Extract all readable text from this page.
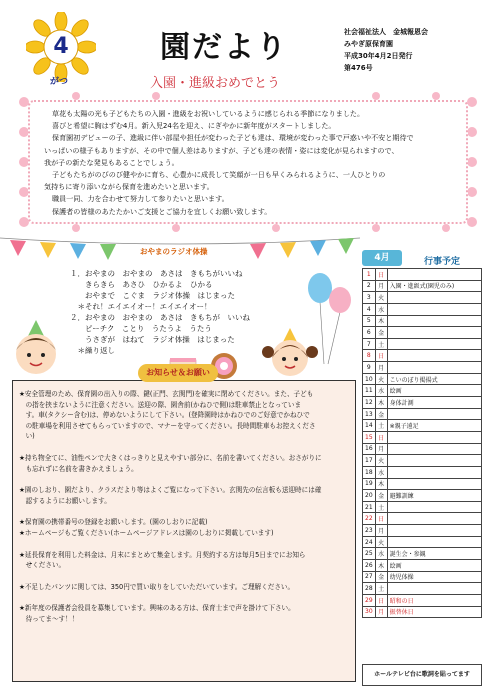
4
がつ
園だより
入園・進級おめでとう
社会福祉法人　金城報恩会
みやぎ原保育園
平成30年4月2日発行
第476号
草花も太陽の光も子どもたちの入園・進級をお祝いしているように感じられる季節になりました。
喜びと希望に胸はずむ4月。新入児24名を迎え、にぎやかに新年度がスタートしました。
保育園初デビューの子、進級に伴い部屋や担任が変わった子ども達は、環境が変わった事で戸惑いや不安と期待で
いっぱいの様子もありますが、その中で個人差はありますが、子ども達の表情・姿には変化が見られますので、
我が子の新たな発見もあることでしょう。
子どもたちがのびのび健やかに育ち、心豊かに成長して笑顔が一日も早くみられるように、一人ひとりの
気持ちに寄り添いながら保育を進めたいと思います。
職員一同、力を合わせて努力して参りたいと思います。
保護者の皆様のあたたかいご支援とご協力を宜しくお願い致します。
おやまのラジオ体操
１．おやまの　おやまの　あさは　きもちがいいね
　　きらきら　あさひ　ひかるよ　ひかる
　　おやまで　こぐま　ラジオ体操　はじまった
　＊それ！エイエイオー！エイエイオー！
２．おやまの　おやまの　あさは　きもちが　いいね
　　ピーチク　ことり　うたうよ　うたう
　　うさぎが　はねて　ラジオ体操　はじまった
　＊繰り返し
★安全管理のため、保育園の出入りの際、鍵(正門、玄関門)を確実に閉めてください。また、子ども
　の指を挟まないように注意ください。送迎の際、園舎前(かねひで側)は駐車禁止となっていま
　す。車(タクシー含む)は、停めないようにして下さい。(登降園時はかねひでのご好意でかねひで
　の駐車場を利用させてもらっていますので、マナーを守ってください。長時間駐車もお控えくださ
　い)
★持ち物全てに、油性ペンで大きくはっきりと見えやすい部分に、名前を書いてください。おさがりに
　も忘れずに名前を書きかえましょう。
★園のしおり、園だより、クラスだより等はよくご覧になって下さい。玄関先の伝言板も送迎時には確
　認するようにお願いします。
★保育園の携帯番号の登録をお願いします。(園のしおりに記載)
★ホームページもご覧ください(ホームページアドレスは園のしおりに掲載しています)
★延長保育を利用した料金は、月末にまとめて集金します。月契約する方は毎月5日までにお知ら
　せください。
★不足したパンツに関しては、350円で買い取りをしていただいています。ご理解ください。
★新年度の保護者会役員を募集しています。興味のある方は、保育士まで声を掛けて下さい。
　待ってま～す！！
お知らせ＆お願い
4月	行事予定
1	日	
2	月	入園・進級式(園児のみ)
3	火	
4	水	
5	木	
6	金	
7	土	
8	日	
9	月	
10	火	こいのぼり掲揚式
11	水	絵画
12	木	身体計測
13	金	
14	土	※親子遠足
15	日	
16	月	
17	火	
18	水	
19	木	
20	金	避難訓練
21	土	
22	日	
23	月	
24	火	
25	水	誕生会・参観
26	木	絵画
27	金	幼児体操
28	土	
29	日	昭和の日
30	月	振替休日
ホールテレビ台に歌詞を貼ってます
